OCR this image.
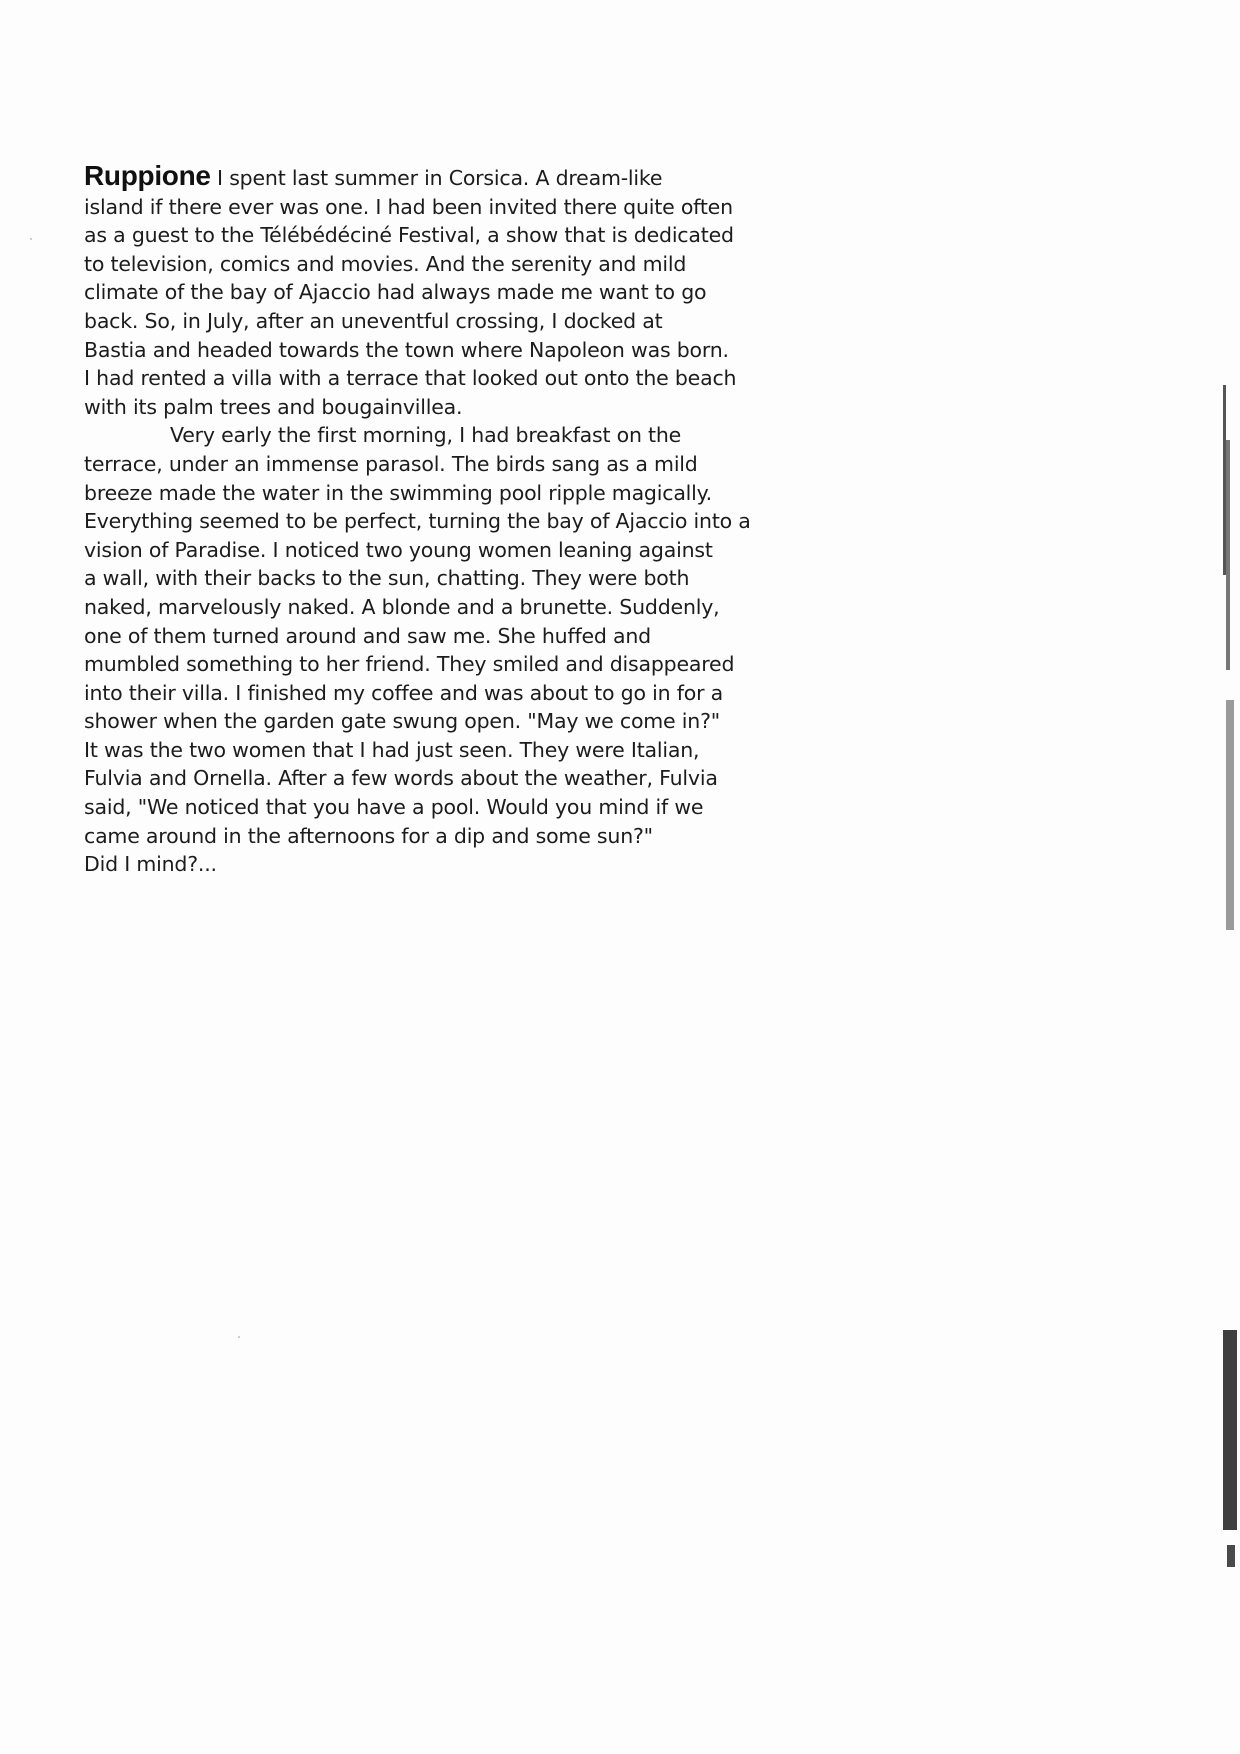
Ruppione I spent last summer in Corsica. A dream-like
island if there ever was one. I had been invited there quite often
as a guest to the Télébédéciné Festival, a show that is dedicated
to television, comics and movies. And the serenity and mild
climate of the bay of Ajaccio had always made me want to go
back. So, in July, after an uneventful crossing, I docked at
Bastia and headed towards the town where Napoleon was born.
I had rented a villa with a terrace that looked out onto the beach
with its palm trees and bougainvillea.
Very early the first morning, I had breakfast on the
terrace, under an immense parasol. The birds sang as a mild
breeze made the water in the swimming pool ripple magically.
Everything seemed to be perfect, turning the bay of Ajaccio into a
vision of Paradise. I noticed two young women leaning against
a wall, with their backs to the sun, chatting. They were both
naked, marvelously naked. A blonde and a brunette. Suddenly,
one of them turned around and saw me. She huffed and
mumbled something to her friend. They smiled and disappeared
into their villa. I finished my coffee and was about to go in for a
shower when the garden gate swung open. "May we come in?"
It was the two women that I had just seen. They were Italian,
Fulvia and Ornella. After a few words about the weather, Fulvia
said, "We noticed that you have a pool. Would you mind if we
came around in the afternoons for a dip and some sun?"
Did I mind?...
